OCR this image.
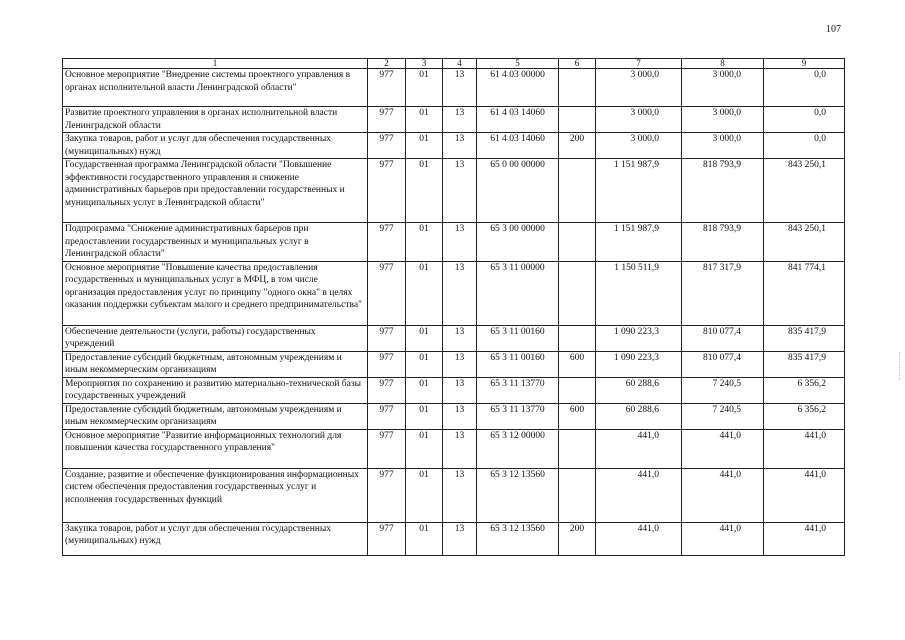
107
1	2	3	4	5	6	7	8	9
Основное мероприятие "Внедрение системы проектного управления в органах исполнительной власти Ленинградской области"	977	01	13	61 4 03 00000		3 000,0	3 000,0	0,0
Развитие проектного управления в органах исполнительной власти Ленинградской области	977	01	13	61 4 03 14060		3 000,0	3 000,0	0,0
Закупка товаров, работ и услуг для обеспечения государственных (муниципальных) нужд	977	01	13	61 4 03 14060	200	3 000,0	3 000,0	0,0
Государственная программа Ленинградской области "Повышение эффективности государственного управления и снижение административных барьеров при предоставлении государственных и муниципальных услуг в Ленинградской области"	977	01	13	65 0 00 00000		1 151 987,9	818 793,9	843 250,1
Подпрограмма "Снижение административных барьеров при предоставлении государственных и муниципальных услуг в Ленинградской области"	977	01	13	65 3 00 00000		1 151 987,9	818 793,9	843 250,1
Основное мероприятие "Повышение качества предоставления государственных и муниципальных услуг в МФЦ, в том числе организация предоставления услуг по принципу "одного окна" в целях оказания поддержки субъектам малого и среднего предпринимательства"	977	01	13	65 3 11 00000		1 150 511,9	817 317,9	841 774,1
Обеспечение деятельности (услуги, работы) государственных учреждений	977	01	13	65 3 11 00160		1 090 223,3	810 077,4	835 417,9
Предоставление субсидий бюджетным, автономным учреждениям и иным некоммерческим организациям	977	01	13	65 3 11 00160	600	1 090 223,3	810 077,4	835 417,9
Мероприятия по сохранению и развитию материально-технической базы государственных учреждений	977	01	13	65 3 11 13770		60 288,6	7 240,5	6 356,2
Предоставление субсидий бюджетным, автономным учреждениям и иным некоммерческим организациям	977	01	13	65 3 11 13770	600	60 288,6	7 240,5	6 356,2
Основное мероприятие "Развитие информационных технологий для повышения качества государственного управления"	977	01	13	65 3 12 00000		441,0	441,0	441,0
Создание, развитие и обеспечение функционирования информационных систем обеспечения предоставления государственных услуг и исполнения государственных функций	977	01	13	65 3 12 13560		441,0	441,0	441,0
Закупка товаров, работ и услуг для обеспечения государственных (муниципальных) нужд	977	01	13	65 3 12 13560	200	441,0	441,0	441,0
